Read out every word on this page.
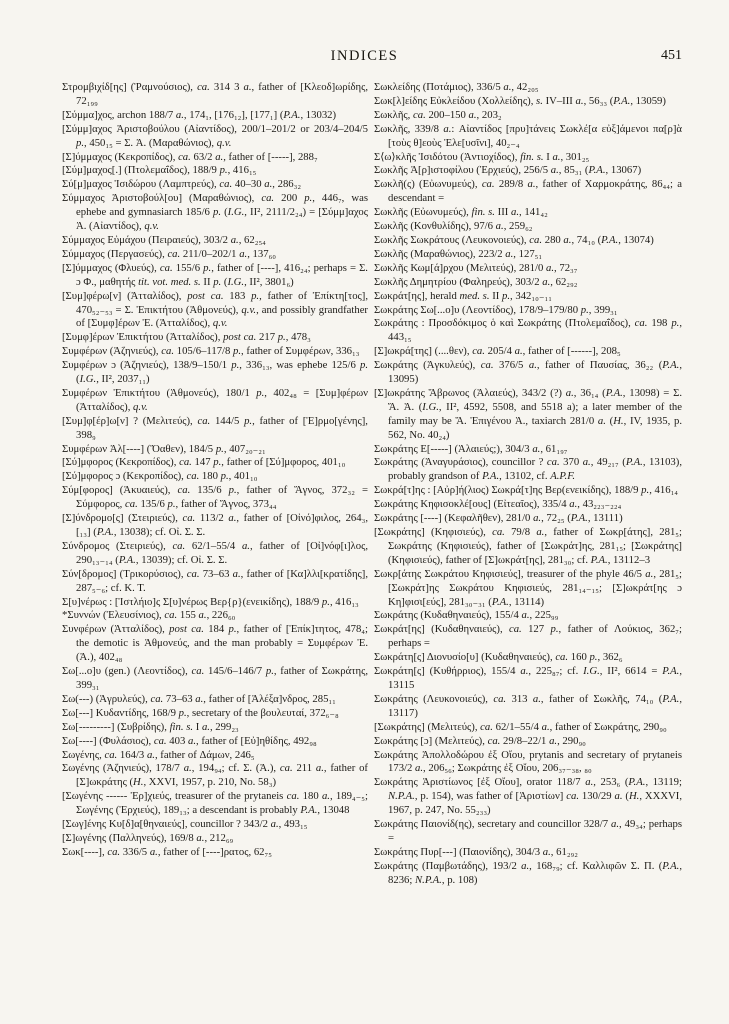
INDICES	451
Στρομβιχίδ[ης] (Ῥαμνούσιος), ca. 314 3 a., father of [Κλεοδ]ωρίδης, 72₁₉₉
[Σύμμα]χος, archon 188/7 a., 174₁, [176₁₂], [177₁] (P.A., 13032)
[Σύμμ]αχος Ἀριστοβούλου (Αἰαντίδος), 200/1–201/2 or 203/4–204/5 p., 450₁₅ = Σ. Ἀ. (Μαραθώνιος), q.v.
[Σ]ύμμαχος (Κεκροπίδος), ca. 63/2 a., father of [-----], 288₇
[Σύμ]μαχος[.] (Πτολεμαΐδος), 188/9 p., 416₁₅
Σύ[μ]μαχος Ἰσιδώρου (Λαμπτρεύς), ca. 40–30 a., 286₃₂
Σύμμαχος Ἀριστοβούλ[ου] (Μαραθώνιος), ca. 200 p., 446₇, was ephebe and gymnasiarch 185/6 p. (I.G., II², 2111/2₂₄) = [Σύμμ]αχος Ἀ. (Αἰαντίδος), q.v.
Σύμμαχος Εὐμάχου (Πειραιεύς), 303/2 a., 62₂₅₄
Σύμμαχος (Περγασεύς), ca. 211/0–202/1 a., 137₆₀
[Σ]ύμμαχος (Φλυεύς), ca. 155/6 p., father of [----], 416₂₄; perhaps = Σ. ɔ Φ., μαθητής tit. vot. med. s. II p. (I.G., II², 3801₆)
[Συμ]φέρω[ν] (Ἀτταλίδος), post ca. 183 p., father of Ἐπίκτη[τος], 470₅₂₋₅₃ = Σ. Ἐπικτήτου (Ἀθμονεύς), q.v., and possibly grandfather of [Συμφ]έρων Ἐ. (Ἀτταλίδος), q.v.
[Συμφ]έρων Ἐπικτήτου (Ἀτταλίδος), post ca. 217 p., 478₃
Συμφέρων (Ἀζηνιεύς), ca. 105/6–117/8 p., father of Συμφέρων, 336₁₃
Συμφέρων ɔ (Ἀζηνιεύς), 138/9–150/1 p., 336₁₃, was ephebe 125/6 p. (I.G., II², 2037₁₁)
Συμφέρων Ἐπικτήτου (Ἀθμονεύς), 180/1 p., 402₄₈ = [Συμ]φέρων (Ἀτταλίδος), q.v.
[Συμ]φ[έρ]ω[ν] ? (Μελιτεύς), ca. 144/5 p., father of [Ἑ]ρμο[γένης], 398₉
Συμφέρων Ἀλ[----] (Ὄαθεν), 184/5 p., 407₂₀₋₂₁
[Σύ]μφορος (Κεκροπίδος), ca. 147 p., father of [Σύ]μφορος, 401₁₀
[Σύ]μφορος ɔ (Κεκροπίδος), ca. 180 p., 401₁₀
Σύμ[φορος] (Ἀκυαιεύς), ca. 135/6 p., father of Ἅγνος, 372₃₂ = Σύμφορος, ca. 135/6 p., father of Ἅγνος, 373₄₄
[Σ]ύνδρομο[ς] (Στειριεύς), ca. 113/2 a., father of [Οἰνό]φιλος, 264₃, [₁₃] (P.A., 13038); cf. Οἰ. Σ. Σ.
Σύνδρομος (Στειριεύς), ca. 62/1–55/4 a., father of [Οἰ]νόφ[ι]λος, 290₁₃₋₁₄ (P.A., 13039); cf. Οἰ. Σ. Σ.
Σύν[δρομος] (Τρικορύσιος), ca. 73–63 a., father of [Κα]λλι[κρατίδης], 287₅₋₆; cf. Κ. Τ.
Σ[υ]νέρως : [Ἰστλήιο]ς Σ[υ]νέρως Βερ{ρ}(ενεικίδης), 188/9 p., 416₁₃
*Συννών (Ἐλευσίνιος), ca. 155 a., 226₆₀
Συνφέρων (Ἀτταλίδος), post ca. 184 p., father of [Ἐπίκ]τητος, 478₄; the demotic is Ἀθμονεύς, and the man probably = Συμφέρων Ἐ. (Ἀ.), 402₄₈
Σω[...ο]υ (gen.) (Λεοντίδος), ca. 145/6–146/7 p., father of Σωκράτης, 399₃₁
Σω(---) (Ἀγρυλεύς), ca. 73–63 a., father of [Ἀλέξα]νδρος, 285₁₁
Σω[---] Κυδαντίδης, 168/9 p., secretary of the βουλευταί, 372₆₋₈
Σω[---------] (Συβρίδης), fin. s. I a., 299₂₃
Σω[----] (Φυλάσιος), ca. 403 a., father of [Εὐ]ηθίδης, 492₉₈
Σωγένης, ca. 164/3 a., father of Δάμων, 246₅
Σωγένης (Ἀζηνιεύς), 178/7 a., 194₉₄; cf. Σ. (Ἀ.), ca. 211 a., father of [Σ]ωκράτης (H., XXVI, 1957, p. 210, No. 58₃)
[Σωγένης ------ Ἐρ]χιεύς, treasurer of the prytaneis ca. 180 a., 189₄₋₅; Σωγένης (Ἐρχιεύς), 189₁₃; a descendant is probably P.A., 13048
[Σωγ]ένης Κυ[δ]α[θηναιεύς], councillor ? 343/2 a., 493₁₅
[Σ]ωγένης (Παλληνεύς), 169/8 a., 212₆₉
Σωκ[----], ca. 336/5 a., father of [----]ρατος, 62₇₅
Σωκλείδης (Ποτάμιος), 336/5 a., 42₂₀₅
Σωκ[λ]είδης Εὐκλείδου (Χολλείδης), s. IV–III a., 56₃₃ (P.A., 13059)
Σωκλῆς, ca. 200–150 a., 203₂
Σωκλῆς, 339/8 a.: Αἰαντίδος [πρυ]τάνεις Σωκλέ[α εὐξ]άμενοι πα[ρ]ὰ [τοὺς θ]εοὺς Ἐλε[υσῖνι], 40₂₋₄
Σ⟨ω⟩κλῆς Ἰσιδότου (Ἀντιοχίδος), fin. s. I a., 301₂₅
Σωκλῆς Ἀ[ρ]ιστοφίλου (Ἐρχιεύς), 256/5 a., 85₃₁ (P.A., 13067)
Σωκλῆ(ς) (Εὐωνυμεύς), ca. 289/8 a., father of Χαρμοκράτης, 86₄₄; a descendant =
Σωκλῆς (Εὐωνυμεύς), fin. s. III a., 141₄₂
Σωκλῆς (Κονθυλίδης), 97/6 a., 259₆₂
Σωκλῆς Σωκράτους (Λευκονοιεύς), ca. 280 a., 74₁₀ (P.A., 13074)
Σωκλῆς (Μαραθώνιος), 223/2 a., 127₅₁
Σωκλῆς Κωμ[ά]ρχου (Μελιτεύς), 281/0 a., 72₃₇
Σωκλῆς Δημητρίου (Φαληρεύς), 303/2 a., 62₂₉₂
Σωκράτ[ης], herald med. s. II p., 342₁₀₋₁₁
Σωκράτης Σω[...ο]υ (Λεοντίδος), 178/9–179/80 p., 399₃₁
Σωκράτης : Προσδόκιμος ὁ καὶ Σωκράτης (Πτολεμαΐδος), ca. 198 p., 443₁₅
[Σ]ωκρά[της] (....θεν), ca. 205/4 a., father of [------], 208₅
Σωκράτης (Ἀγκυλεύς), ca. 376/5 a., father of Παυσίας, 36₂₂ (P.A., 13095)
[Σ]ωκράτης Ἅβρωνος (Ἁλαιεύς), 343/2 (?) a., 36₁₄ (P.A., 13098) = Σ. Ἅ. Ἁ. (I.G., II², 4592, 5508, and 5518 a); a later member of the family may be Ἅ. Ἐπιγένου Ἁ., taxiarch 281/0 a. (H., IV, 1935, p. 562, No. 40₂₄)
Σωκράτης Ε[-----] (Ἁλαιεύς;), 304/3 a., 61₁₉₇
Σωκράτης (Ἀναγυράσιος), councillor ? ca. 370 a., 49₂₁₇ (P.A., 13103), probably grandson of P.A., 13102, cf. A.P.F.
Σωκρά[τ]ης : [Αὐρ]ή(λιος) Σωκρά[τ]ης Βερ(ενεικίδης), 188/9 p., 416₁₄
Σωκράτης Κηφισοκλέ[ους] (Εἰτεαῖος), 335/4 a., 43₂₂₃₋₂₂₄
Σωκράτης [----] (Κεφαλῆθεν), 281/0 a., 72₂₅ (P.A., 13111)
[Σωκράτης] (Κηφισιεύς), ca. 79/8 a., father of Σωκρ[άτης], 281₅; Σωκράτης (Κηφισιεύς), father of [Σωκράτ]ης, 281₁₅; [Σωκράτης] (Κηφισιεύς), father of [Σ]ωκράτ[ης], 281₃₀; cf. P.A., 13112–3
Σωκρ[άτης Σωκράτου Κηφισιεύς], treasurer of the phyle 46/5 a., 281₅; [Σωκράτ]ης Σωκράτου Κηφισιεύς, 281₁₄₋₁₅; [Σ]ωκράτ[ης ɔ Κη]φισι[εύς], 281₃₀₋₃₁ (P.A., 13114)
Σωκράτης (Κυδαθηναιεύς), 155/4 a., 225₉₉
Σωκράτ[ης] (Κυδαθηναιεύς), ca. 127 p., father of Λούκιος, 362₇; perhaps =
Σωκράτη[ς] Διονυσίο[υ] (Κυδαθηναιεύς), ca. 160 p., 362₆
Σωκράτη[ς] (Κυθήρριος), 155/4 a., 225₈₇; cf. I.G., II², 6614 = P.A., 13115
Σωκράτης (Λευκονοιεύς), ca. 313 a., father of Σωκλῆς, 74₁₀ (P.A., 13117)
[Σωκράτης] (Μελιτεύς), ca. 62/1–55/4 a., father of Σωκράτης, 290₉₀
Σωκράτης [ɔ] (Μελιτεύς), ca. 29/8–22/1 a., 290₉₀
Σωκράτης Ἀπολλοδώρου ἐξ Οἴου, prytanis and secretary of prytaneis 173/2 a., 206₅₆; Σωκράτης ἐξ Οἴου, 206₃₇₋₃₈, ₈₀
Σωκράτης Ἀριστίωνος [ἐξ Οἴου], orator 118/7 a., 253₆ (P.A., 13119; N.P.A., p. 154), was father of [Ἀριστίων] ca. 130/29 a. (H., XXXVI, 1967, p. 247, No. 55₂₃₃)
Σωκράτης Παιονίδ(ης), secretary and councillor 328/7 a., 49₃₄; perhaps =
Σωκράτης Πυρ[---] (Παιονίδης), 304/3 a., 61₂₉₂
Σωκράτης (Παμβωτάδης), 193/2 a., 168₇₉; cf. Καλλιφῶν Σ. Π. (P.A., 8236; N.P.A., p. 108)
